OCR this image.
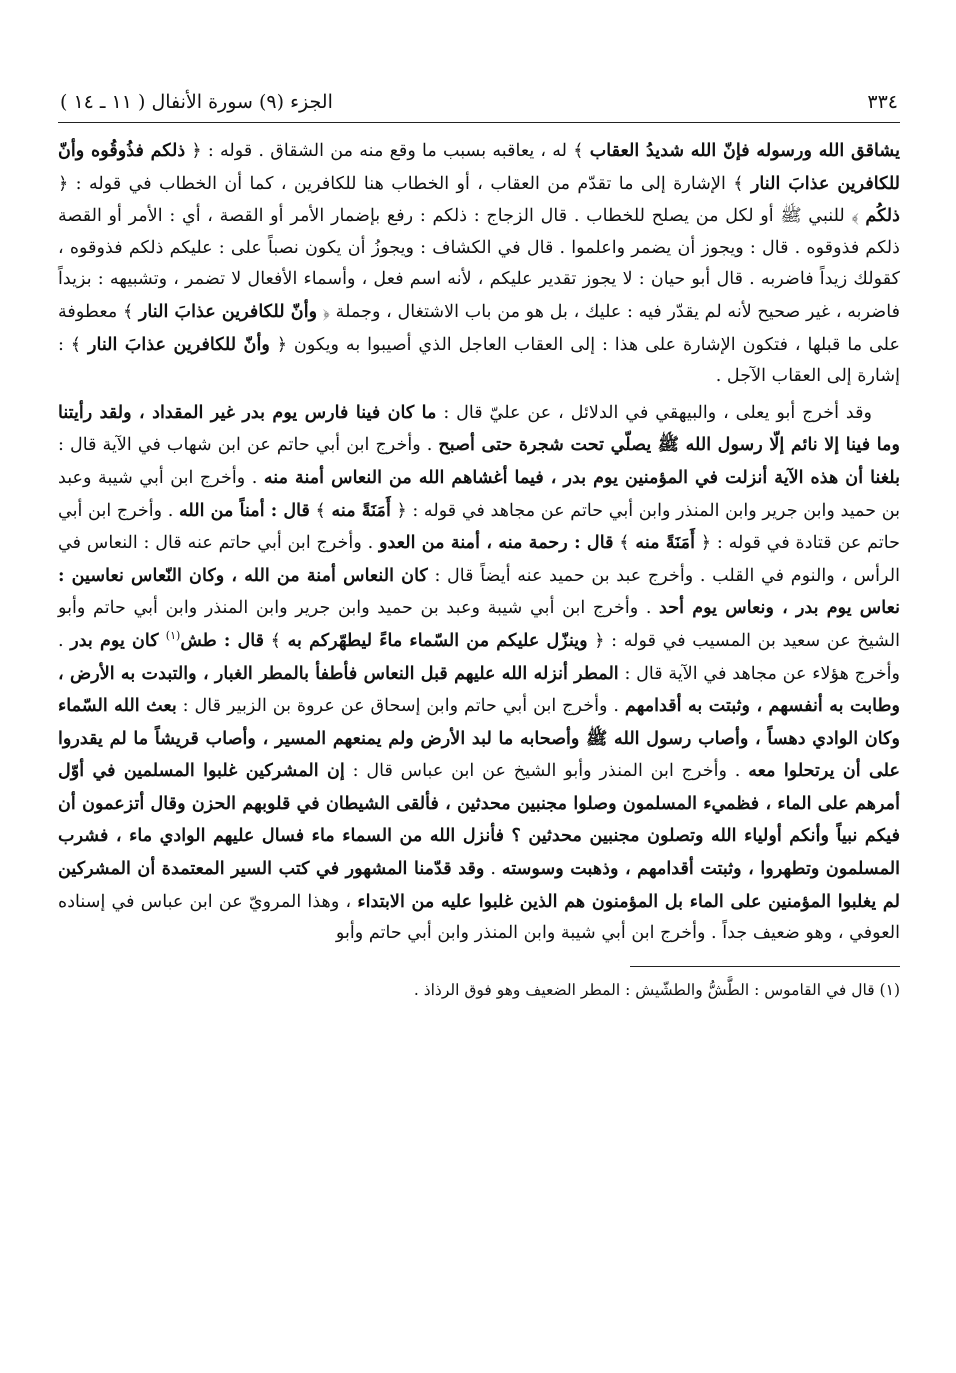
٣٣٤
الجزء (٩) سورة الأنفال ( ١١ ـ ١٤ )

يشاقق الله ورسوله فإنّ الله شديدُ العقاب ﴾ له ، يعاقبه بسبب ما وقع منه من الشقاق . قوله : ﴿ ذلكم فذُوقُوه وأنّ للكافرين عذابَ النار ﴾ الإشارة إلى ما تقدّم من العقاب ، أو الخطاب هنا للكافرين ، كما أن الخطاب في قوله : ﴿ ذلكُم ﴾ للنبي ﷺ أو لكل من يصلح للخطاب . قال الزجاج : ذلكم : رفع بإضمار الأمر أو القصة ، أي : الأمر أو القصة ذلكم فذوقوه . قال : ويجوز أن يضمر واعلموا . قال في الكشاف : ويجوزُ أن يكون نصباً على : عليكم ذلكم فذوقوه ، كقولك زيداً فاضربه . قال أبو حيان : لا يجوز تقدير عليكم ، لأنه اسم فعل ، وأسماء الأفعال لا تضمر ، وتشبيهه : بزيداً فاضربه ، غير صحيح لأنه لم يقدّر فيه : عليك ، بل هو من باب الاشتغال ، وجملة ﴿ وأنّ للكافرين عذابَ النار ﴾ معطوفة على ما قبلها ، فتكون الإشارة على هذا : إلى العقاب العاجل الذي أصيبوا به ويكون ﴿ وأنّ للكافرين عذابَ النار ﴾ : إشارة إلى العقاب الآجل .

وقد أخرج أبو يعلى ، والبيهقي في الدلائل ، عن عليّ قال : ما كان فينا فارس يوم بدر غير المقداد ، ولقد رأيتنا وما فينا إلا نائم إلّا رسول الله ﷺ يصلّي تحت شجرة حتى أصبح . وأخرج ابن أبي حاتم عن ابن شهاب في الآية قال : بلغنا أن هذه الآية أنزلت في المؤمنين يوم بدر ، فيما أغشاهم الله من النعاس أمنة منه . وأخرج ابن أبي شيبة وعبد بن حميد وابن جرير وابن المنذر وابن أبي حاتم عن مجاهد في قوله : ﴿ أَمَنَةً منه ﴾ قال : أمناً من الله . وأخرج ابن أبي حاتم عن قتادة في قوله : ﴿ أَمَنَةً منه ﴾ قال : رحمة منه ، أمنة من العدو . وأخرج ابن أبي حاتم عنه قال : النعاس في الرأس ، والنوم في القلب . وأخرج عبد بن حميد عنه أيضاً قال : كان النعاس أمنة من الله ، وكان النّعاس نعاسين : نعاس يوم بدر ، ونعاس يوم أحد . وأخرج ابن أبي شيبة وعبد بن حميد وابن جرير وابن المنذر وابن أبي حاتم وأبو الشيخ عن سعيد بن المسيب في قوله : ﴿ وينزّل عليكم من السّماء ماءً ليطهّركم به ﴾ قال : طش$^{(١)}$ كان يوم بدر . وأخرج هؤلاء عن مجاهد في الآية قال : المطر أنزله الله عليهم قبل النعاس فأطفأ بالمطر الغبار ، والتبدت به الأرض ، وطابت به أنفسهم ، وثبتت به أقدامهم . وأخرج ابن أبي حاتم وابن إسحاق عن عروة بن الزبير قال : بعث الله السّماء وكان الوادي دهساً ، وأصاب رسول الله ﷺ وأصحابه ما لبد الأرض ولم يمنعهم المسير ، وأصاب قريشاً ما لم يقدروا على أن يرتحلوا معه . وأخرج ابن المنذر وأبو الشيخ عن ابن عباس قال : إن المشركين غلبوا المسلمين في أوّل أمرهم على الماء ، فظميء المسلمون وصلوا مجنبين محدثين ، فألقى الشيطان في قلوبهم الحزن وقال أتزعمون أن فيكم نبياً وأنكم أولياء الله وتصلون مجنبين محدثين ؟ فأنزل الله من السماء ماء فسال عليهم الوادي ماء ، فشرب المسلمون وتطهروا ، وثبتت أقدامهم ، وذهبت وسوسته . وقد قدّمنا المشهور في كتب السير المعتمدة أن المشركين لم يغلبوا المؤمنين على الماء بل المؤمنون هم الذين غلبوا عليه من الابتداء ، وهذا المرويّ عن ابن عباس في إسناده العوفي ، وهو ضعيف جداً . وأخرج ابن أبي شيبة وابن المنذر وابن أبي حاتم وأبو

(١) قال في القاموس : الطَّشُّ والطشّيش : المطر الضعيف وهو فوق الرذاذ .
